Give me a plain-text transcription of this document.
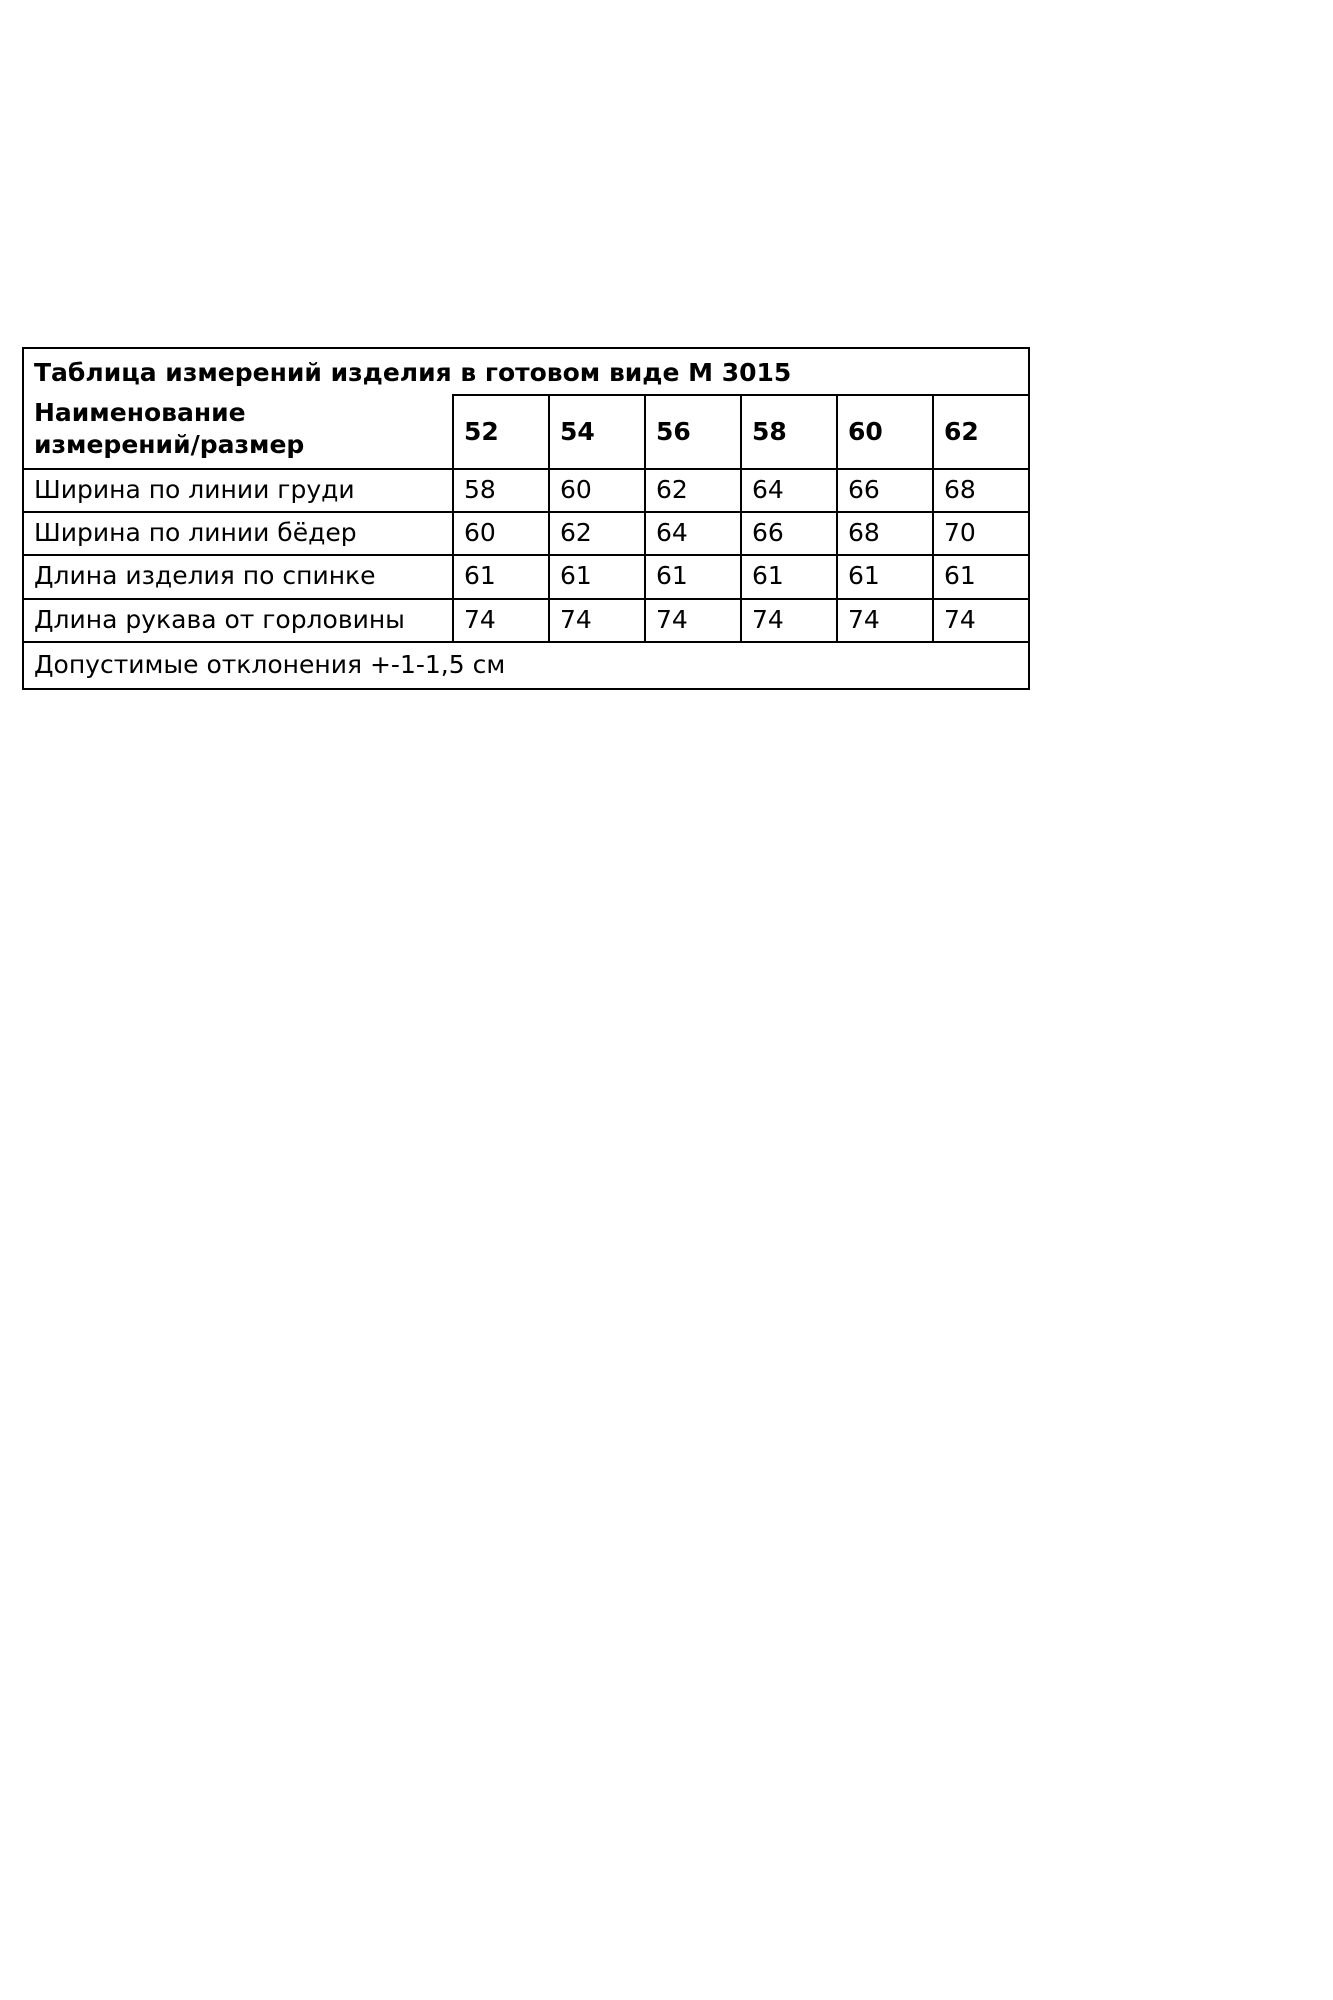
Таблица измерений изделия в готовом виде М 3015						

Наименование
измерений/размер	52	54	56	58	60	62
Ширина по линии груди	58	60	62	64	66	68
Ширина по линии бёдер	60	62	64	66	68	70
Длина изделия по спинке	61	61	61	61	61	61
Длина рукава от горловины	74	74	74	74	74	74
Допустимые отклонения +-1-1,5 см						
